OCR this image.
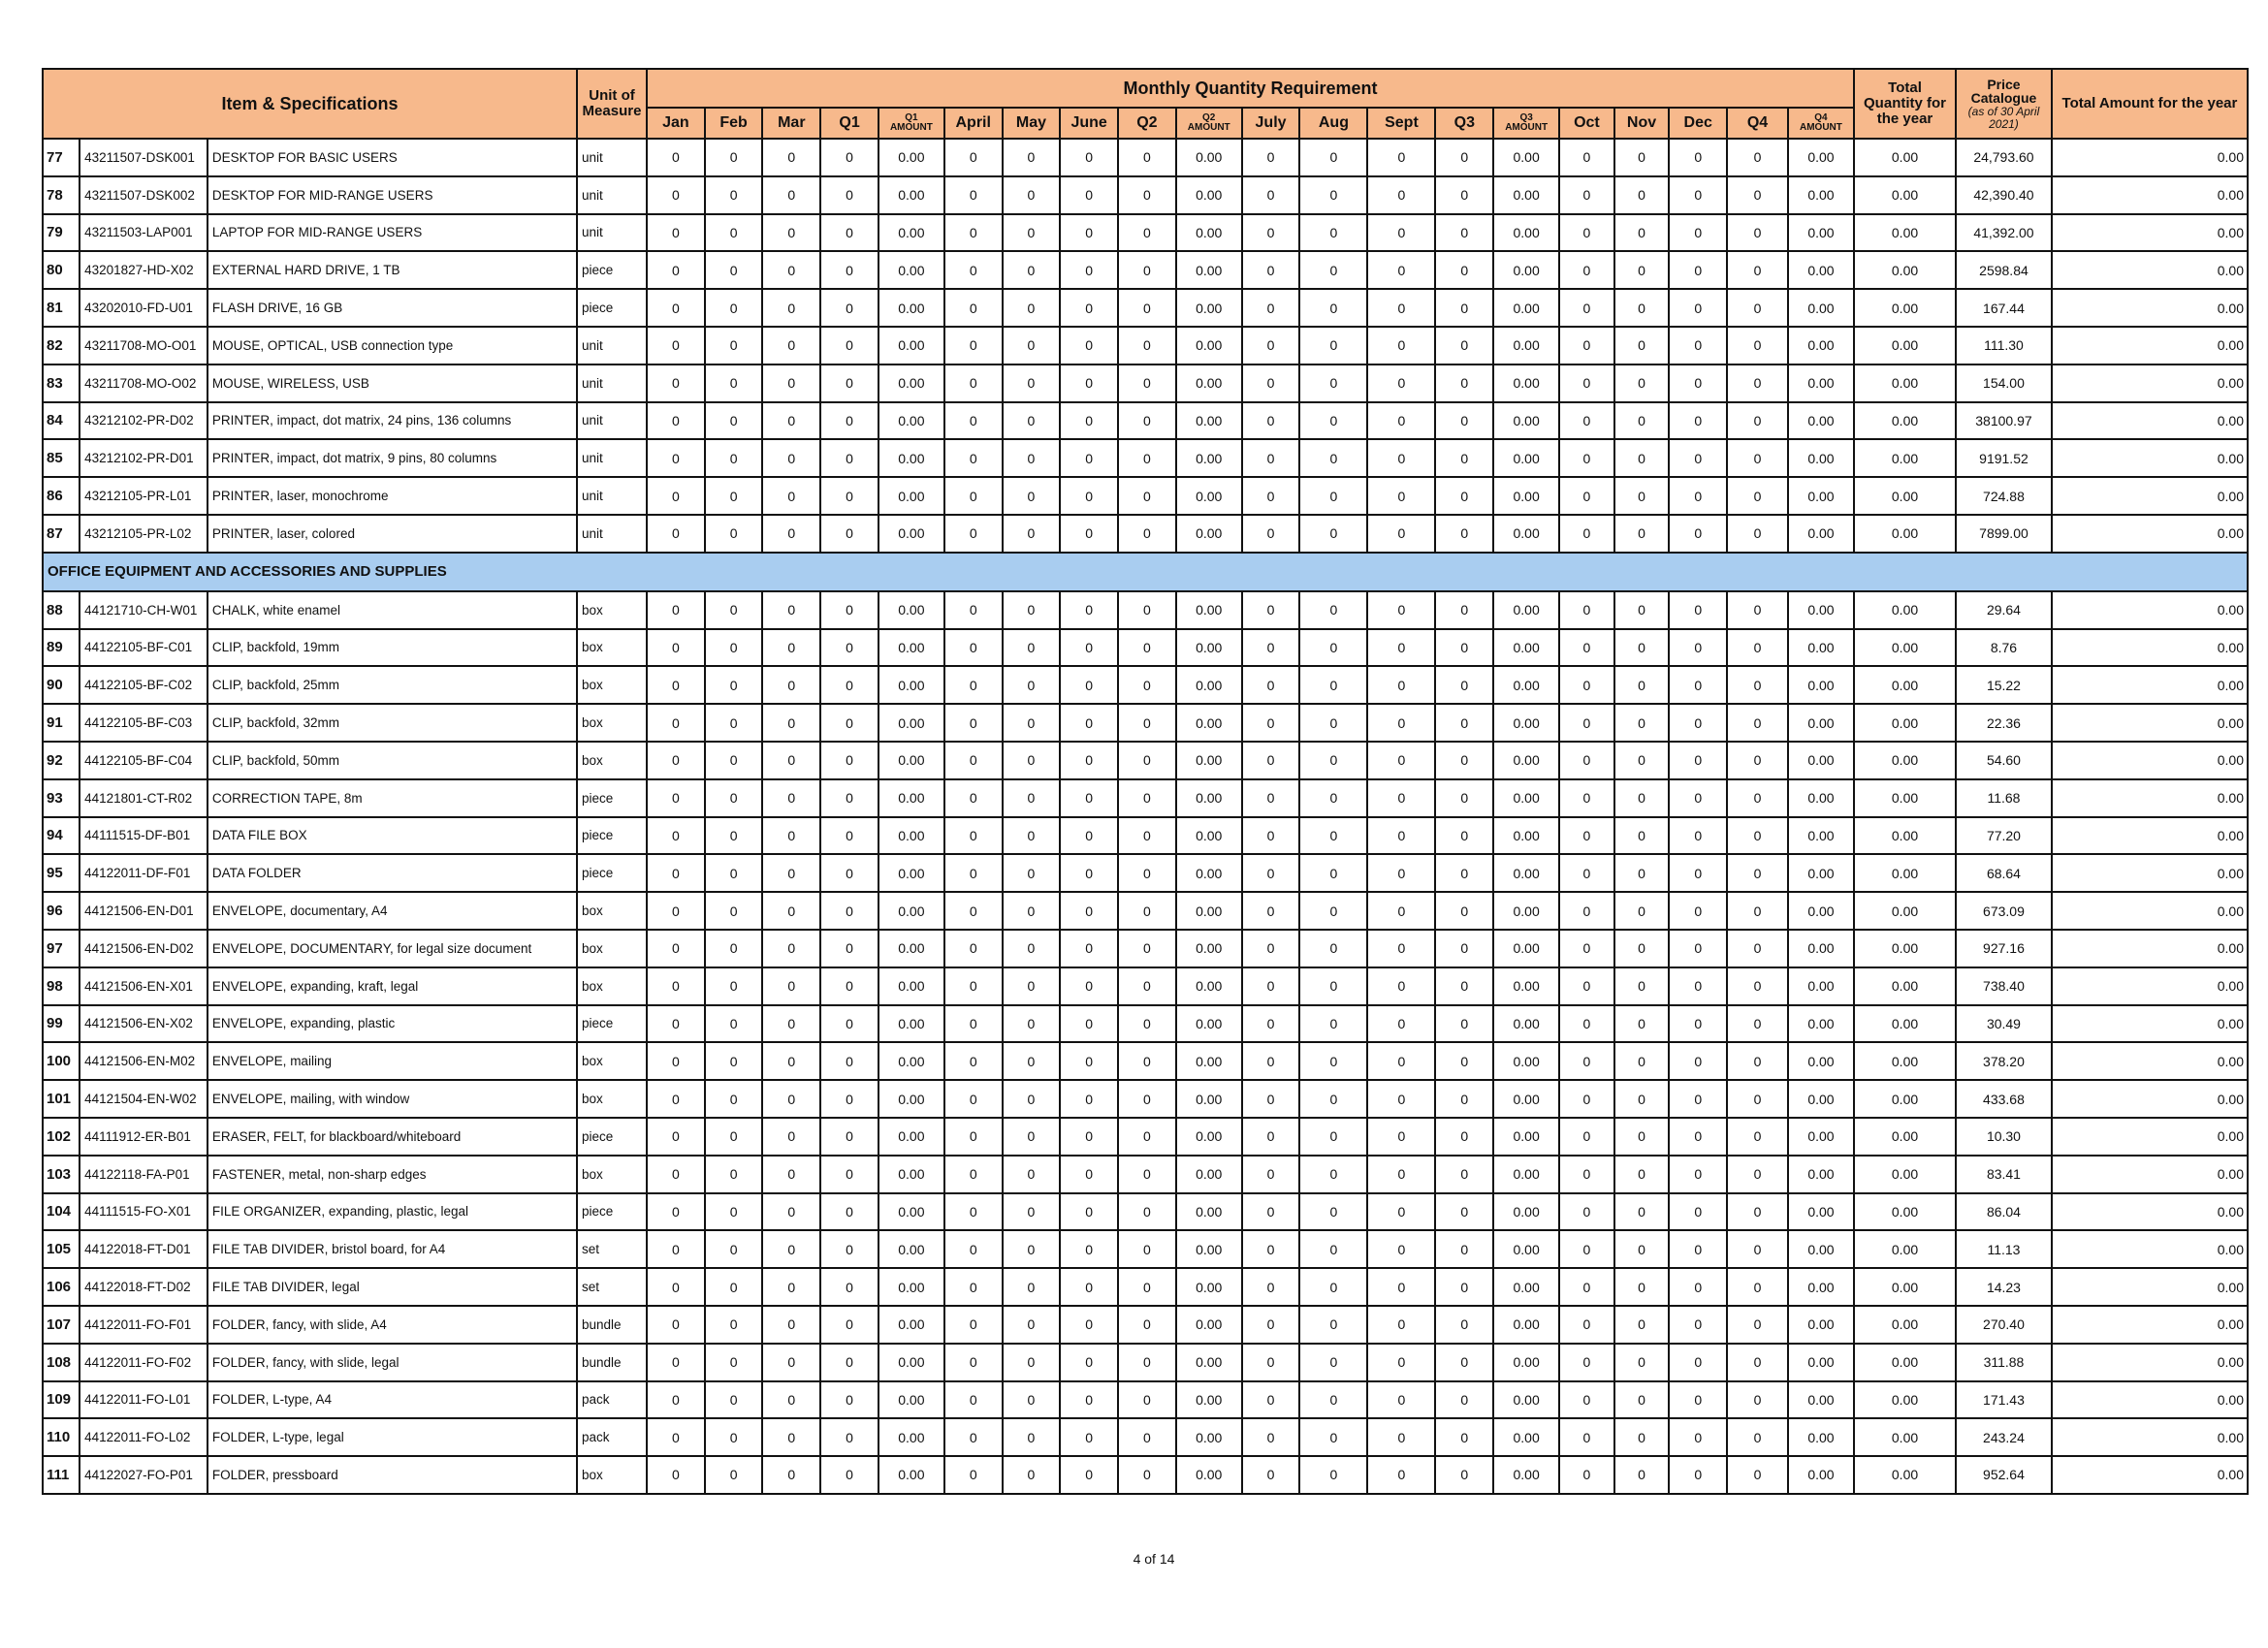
Item & Specifications			Unit of Measure	Monthly Quantity Requirement																				Total Quantity for the year	Price Catalogue
(as of 30 April 2021)	Total Amount for the year
				Jan	Feb	Mar	Q1	Q1 AMOUNT	April	May	June	Q2	Q2 AMOUNT	July	Aug	Sept	Q3	Q3 AMOUNT	Oct	Nov	Dec	Q4	Q4 AMOUNT			
77	43211507-DSK001	DESKTOP FOR BASIC USERS	unit	0	0	0	0	0.00	0	0	0	0	0.00	0	0	0	0	0.00	0	0	0	0	0.00	0.00	24,793.60	0.00
78	43211507-DSK002	DESKTOP FOR MID-RANGE USERS	unit	0	0	0	0	0.00	0	0	0	0	0.00	0	0	0	0	0.00	0	0	0	0	0.00	0.00	42,390.40	0.00
79	43211503-LAP001	LAPTOP FOR MID-RANGE USERS	unit	0	0	0	0	0.00	0	0	0	0	0.00	0	0	0	0	0.00	0	0	0	0	0.00	0.00	41,392.00	0.00
80	43201827-HD-X02	EXTERNAL HARD DRIVE, 1 TB	piece	0	0	0	0	0.00	0	0	0	0	0.00	0	0	0	0	0.00	0	0	0	0	0.00	0.00	2598.84	0.00
81	43202010-FD-U01	FLASH DRIVE, 16 GB	piece	0	0	0	0	0.00	0	0	0	0	0.00	0	0	0	0	0.00	0	0	0	0	0.00	0.00	167.44	0.00
82	43211708-MO-O01	MOUSE, OPTICAL, USB connection type	unit	0	0	0	0	0.00	0	0	0	0	0.00	0	0	0	0	0.00	0	0	0	0	0.00	0.00	111.30	0.00
83	43211708-MO-O02	MOUSE, WIRELESS, USB	unit	0	0	0	0	0.00	0	0	0	0	0.00	0	0	0	0	0.00	0	0	0	0	0.00	0.00	154.00	0.00
84	43212102-PR-D02	PRINTER, impact, dot matrix, 24 pins, 136 columns	unit	0	0	0	0	0.00	0	0	0	0	0.00	0	0	0	0	0.00	0	0	0	0	0.00	0.00	38100.97	0.00
85	43212102-PR-D01	PRINTER, impact, dot matrix, 9 pins, 80 columns	unit	0	0	0	0	0.00	0	0	0	0	0.00	0	0	0	0	0.00	0	0	0	0	0.00	0.00	9191.52	0.00
86	43212105-PR-L01	PRINTER, laser, monochrome	unit	0	0	0	0	0.00	0	0	0	0	0.00	0	0	0	0	0.00	0	0	0	0	0.00	0.00	724.88	0.00
87	43212105-PR-L02	PRINTER, laser, colored	unit	0	0	0	0	0.00	0	0	0	0	0.00	0	0	0	0	0.00	0	0	0	0	0.00	0.00	7899.00	0.00
OFFICE EQUIPMENT AND ACCESSORIES AND SUPPLIES																										
88	44121710-CH-W01	CHALK, white enamel	box	0	0	0	0	0.00	0	0	0	0	0.00	0	0	0	0	0.00	0	0	0	0	0.00	0.00	29.64	0.00
89	44122105-BF-C01	CLIP, backfold, 19mm	box	0	0	0	0	0.00	0	0	0	0	0.00	0	0	0	0	0.00	0	0	0	0	0.00	0.00	8.76	0.00
90	44122105-BF-C02	CLIP, backfold, 25mm	box	0	0	0	0	0.00	0	0	0	0	0.00	0	0	0	0	0.00	0	0	0	0	0.00	0.00	15.22	0.00
91	44122105-BF-C03	CLIP, backfold, 32mm	box	0	0	0	0	0.00	0	0	0	0	0.00	0	0	0	0	0.00	0	0	0	0	0.00	0.00	22.36	0.00
92	44122105-BF-C04	CLIP, backfold, 50mm	box	0	0	0	0	0.00	0	0	0	0	0.00	0	0	0	0	0.00	0	0	0	0	0.00	0.00	54.60	0.00
93	44121801-CT-R02	CORRECTION TAPE, 8m	piece	0	0	0	0	0.00	0	0	0	0	0.00	0	0	0	0	0.00	0	0	0	0	0.00	0.00	11.68	0.00
94	44111515-DF-B01	DATA FILE BOX	piece	0	0	0	0	0.00	0	0	0	0	0.00	0	0	0	0	0.00	0	0	0	0	0.00	0.00	77.20	0.00
95	44122011-DF-F01	DATA FOLDER	piece	0	0	0	0	0.00	0	0	0	0	0.00	0	0	0	0	0.00	0	0	0	0	0.00	0.00	68.64	0.00
96	44121506-EN-D01	ENVELOPE, documentary, A4	box	0	0	0	0	0.00	0	0	0	0	0.00	0	0	0	0	0.00	0	0	0	0	0.00	0.00	673.09	0.00
97	44121506-EN-D02	ENVELOPE, DOCUMENTARY, for legal size document	box	0	0	0	0	0.00	0	0	0	0	0.00	0	0	0	0	0.00	0	0	0	0	0.00	0.00	927.16	0.00
98	44121506-EN-X01	ENVELOPE, expanding, kraft, legal	box	0	0	0	0	0.00	0	0	0	0	0.00	0	0	0	0	0.00	0	0	0	0	0.00	0.00	738.40	0.00
99	44121506-EN-X02	ENVELOPE, expanding, plastic	piece	0	0	0	0	0.00	0	0	0	0	0.00	0	0	0	0	0.00	0	0	0	0	0.00	0.00	30.49	0.00
100	44121506-EN-M02	ENVELOPE, mailing	box	0	0	0	0	0.00	0	0	0	0	0.00	0	0	0	0	0.00	0	0	0	0	0.00	0.00	378.20	0.00
101	44121504-EN-W02	ENVELOPE, mailing, with window	box	0	0	0	0	0.00	0	0	0	0	0.00	0	0	0	0	0.00	0	0	0	0	0.00	0.00	433.68	0.00
102	44111912-ER-B01	ERASER, FELT, for blackboard/whiteboard	piece	0	0	0	0	0.00	0	0	0	0	0.00	0	0	0	0	0.00	0	0	0	0	0.00	0.00	10.30	0.00
103	44122118-FA-P01	FASTENER, metal, non-sharp edges	box	0	0	0	0	0.00	0	0	0	0	0.00	0	0	0	0	0.00	0	0	0	0	0.00	0.00	83.41	0.00
104	44111515-FO-X01	FILE ORGANIZER, expanding, plastic, legal	piece	0	0	0	0	0.00	0	0	0	0	0.00	0	0	0	0	0.00	0	0	0	0	0.00	0.00	86.04	0.00
105	44122018-FT-D01	FILE TAB DIVIDER, bristol board, for A4	set	0	0	0	0	0.00	0	0	0	0	0.00	0	0	0	0	0.00	0	0	0	0	0.00	0.00	11.13	0.00
106	44122018-FT-D02	FILE TAB DIVIDER, legal	set	0	0	0	0	0.00	0	0	0	0	0.00	0	0	0	0	0.00	0	0	0	0	0.00	0.00	14.23	0.00
107	44122011-FO-F01	FOLDER, fancy, with slide, A4	bundle	0	0	0	0	0.00	0	0	0	0	0.00	0	0	0	0	0.00	0	0	0	0	0.00	0.00	270.40	0.00
108	44122011-FO-F02	FOLDER, fancy, with slide, legal	bundle	0	0	0	0	0.00	0	0	0	0	0.00	0	0	0	0	0.00	0	0	0	0	0.00	0.00	311.88	0.00
109	44122011-FO-L01	FOLDER, L-type, A4	pack	0	0	0	0	0.00	0	0	0	0	0.00	0	0	0	0	0.00	0	0	0	0	0.00	0.00	171.43	0.00
110	44122011-FO-L02	FOLDER, L-type, legal	pack	0	0	0	0	0.00	0	0	0	0	0.00	0	0	0	0	0.00	0	0	0	0	0.00	0.00	243.24	0.00
111	44122027-FO-P01	FOLDER, pressboard	box	0	0	0	0	0.00	0	0	0	0	0.00	0	0	0	0	0.00	0	0	0	0	0.00	0.00	952.64	0.00
4 of 14
